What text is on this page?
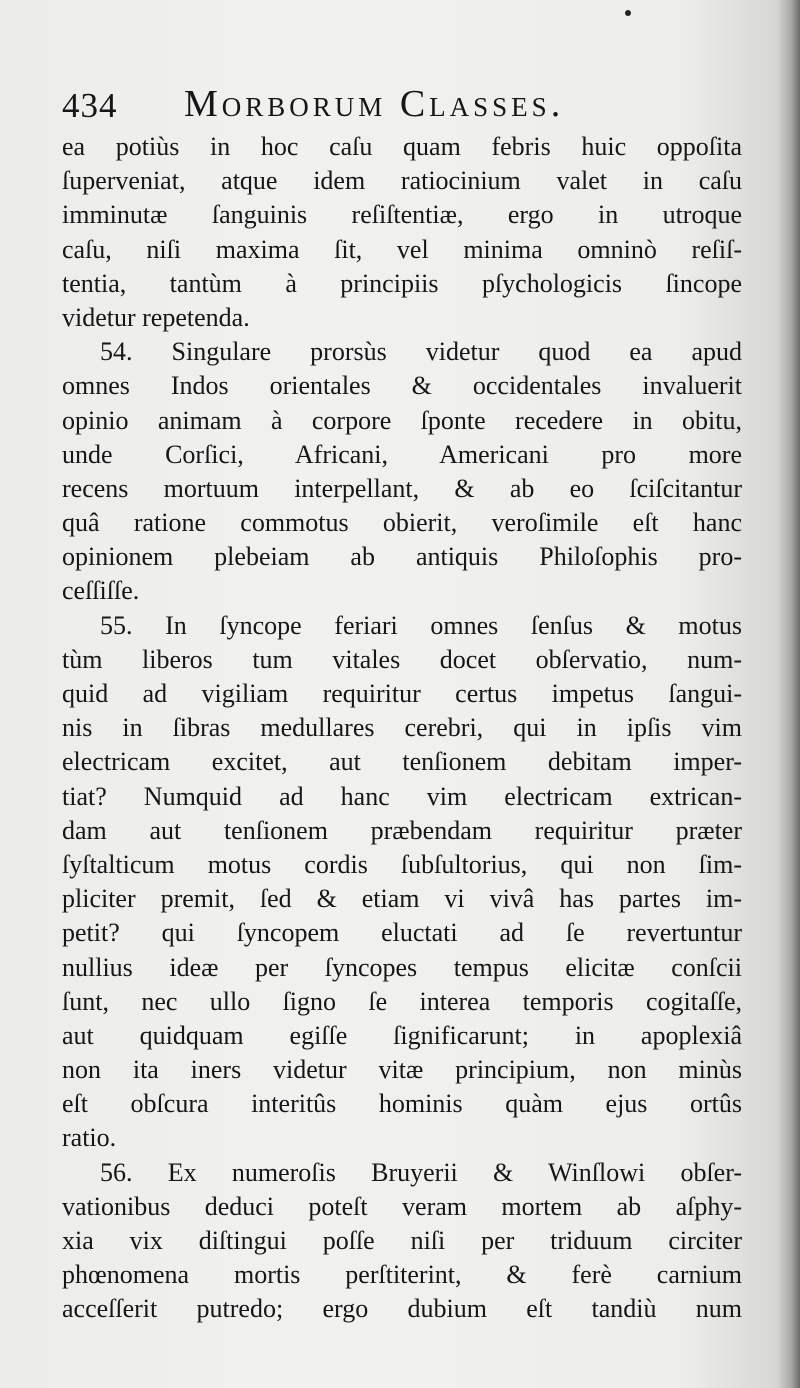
434 Morborum Classes.
ea potiùs in hoc caſu quam febris huic oppoſita
ſuperveniat, atque idem ratiocinium valet in caſu
imminutæ ſanguinis reſiſtentiæ, ergo in utroque
caſu, niſi maxima ſit, vel minima omninò reſiſ-
tentia, tantùm à principiis pſychologicis ſincope
videtur repetenda.
54. Singulare prorsùs videtur quod ea apud
omnes Indos orientales & occidentales invaluerit
opinio animam à corpore ſponte recedere in obitu,
unde Corſici, Africani, Americani pro more
recens mortuum interpellant, & ab eo ſciſcitantur
quâ ratione commotus obierit, veroſimile eſt hanc
opinionem plebeiam ab antiquis Philoſophis pro-
ceſſiſſe.
55. In ſyncope feriari omnes ſenſus & motus
tùm liberos tum vitales docet obſervatio, num-
quid ad vigiliam requiritur certus impetus ſangui-
nis in ſibras medullares cerebri, qui in ipſis vim
electricam excitet, aut tenſionem debitam imper-
tiat? Numquid ad hanc vim electricam extrican-
dam aut tenſionem præbendam requiritur præter
ſyſtalticum motus cordis ſubſultorius, qui non ſim-
pliciter premit, ſed & etiam vi vivâ has partes im-
petit? qui ſyncopem eluctati ad ſe revertuntur
nullius ideæ per ſyncopes tempus elicitæ conſcii
ſunt, nec ullo ſigno ſe interea temporis cogitaſſe,
aut quidquam egiſſe ſignificarunt; in apoplexiâ
non ita iners videtur vitæ principium, non minùs
eſt obſcura interitûs hominis quàm ejus ortûs
ratio.
56. Ex numeroſis Bruyerii & Winſlowi obſer-
vationibus deduci poteſt veram mortem ab aſphy-
xia vix diſtingui poſſe niſi per triduum circiter
phœnomena mortis perſtiterint, & ferè carnium
acceſſerit putredo; ergo dubium eſt tandiù num
